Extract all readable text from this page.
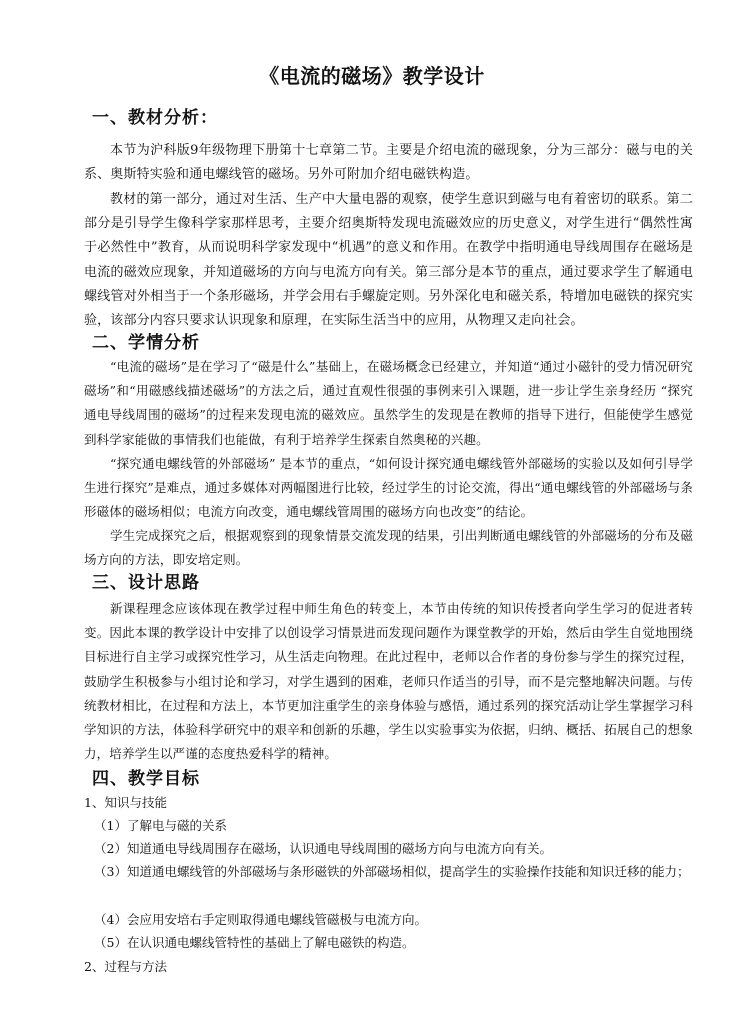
《电流的磁场》教学设计
一、教材分析：
本节为沪科版9年级物理下册第十七章第二节。主要是介绍电流的磁现象，分为三部分：磁与电的关系、奥斯特实验和通电螺线管的磁场。另外可附加介绍电磁铁构造。
教材的第一部分，通过对生活、生产中大量电器的观察，使学生意识到磁与电有着密切的联系。第二部分是引导学生像科学家那样思考，主要介绍奥斯特发现电流磁效应的历史意义，对学生进行“偶然性寓于必然性中”教育，从而说明科学家发现中“机遇”的意义和作用。在教学中指明通电导线周围存在磁场是电流的磁效应现象，并知道磁场的方向与电流方向有关。第三部分是本节的重点，通过要求学生了解通电螺线管对外相当于一个条形磁场，并学会用右手螺旋定则。另外深化电和磁关系，特增加电磁铁的探究实验，该部分内容只要求认识现象和原理，在实际生活当中的应用，从物理又走向社会。
二、学情分析
“电流的磁场”是在学习了“磁是什么”基础上，在磁场概念已经建立，并知道“通过小磁针的受力情况研究磁场”和“用磁感线描述磁场”的方法之后，通过直观性很强的事例来引入课题，进一步让学生亲身经历 “探究通电导线周围的磁场”的过程来发现电流的磁效应。虽然学生的发现是在教师的指导下进行，但能使学生感觉到科学家能做的事情我们也能做，有利于培养学生探索自然奥秘的兴趣。
“探究通电螺线管的外部磁场” 是本节的重点，“如何设计探究通电螺线管外部磁场的实验以及如何引导学生进行探究”是难点，通过多媒体对两幅图进行比较，经过学生的讨论交流，得出“通电螺线管的外部磁场与条形磁体的磁场相似；电流方向改变，通电螺线管周围的磁场方向也改变”的结论。
学生完成探究之后，根据观察到的现象情景交流发现的结果，引出判断通电螺线管的外部磁场的分布及磁场方向的方法，即安培定则。
三、设计思路
新课程理念应该体现在教学过程中师生角色的转变上，本节由传统的知识传授者向学生学习的促进者转变。因此本课的教学设计中安排了以创设学习情景进而发现问题作为课堂教学的开始，然后由学生自觉地围绕目标进行自主学习或探究性学习，从生活走向物理。在此过程中，老师以合作者的身份参与学生的探究过程，鼓励学生积极参与小组讨论和学习，对学生遇到的困难，老师只作适当的引导，而不是完整地解决问题。与传统教材相比，在过程和方法上，本节更加注重学生的亲身体验与感悟，通过系列的探究活动让学生掌握学习科学知识的方法，体验科学研究中的艰辛和创新的乐趣，学生以实验事实为依据，归纳、概括、拓展自己的想象力，培养学生以严谨的态度热爱科学的精神。
四、教学目标
1、知识与技能
（1）了解电与磁的关系
（2）知道通电导线周围存在磁场，认识通电导线周围的磁场方向与电流方向有关。
（3）知道通电螺线管的外部磁场与条形磁铁的外部磁场相似，提高学生的实验操作技能和知识迁移的能力；
（4）会应用安培右手定则取得通电螺线管磁极与电流方向。
（5）在认识通电螺线管特性的基础上了解电磁铁的构造。
2、过程与方法
